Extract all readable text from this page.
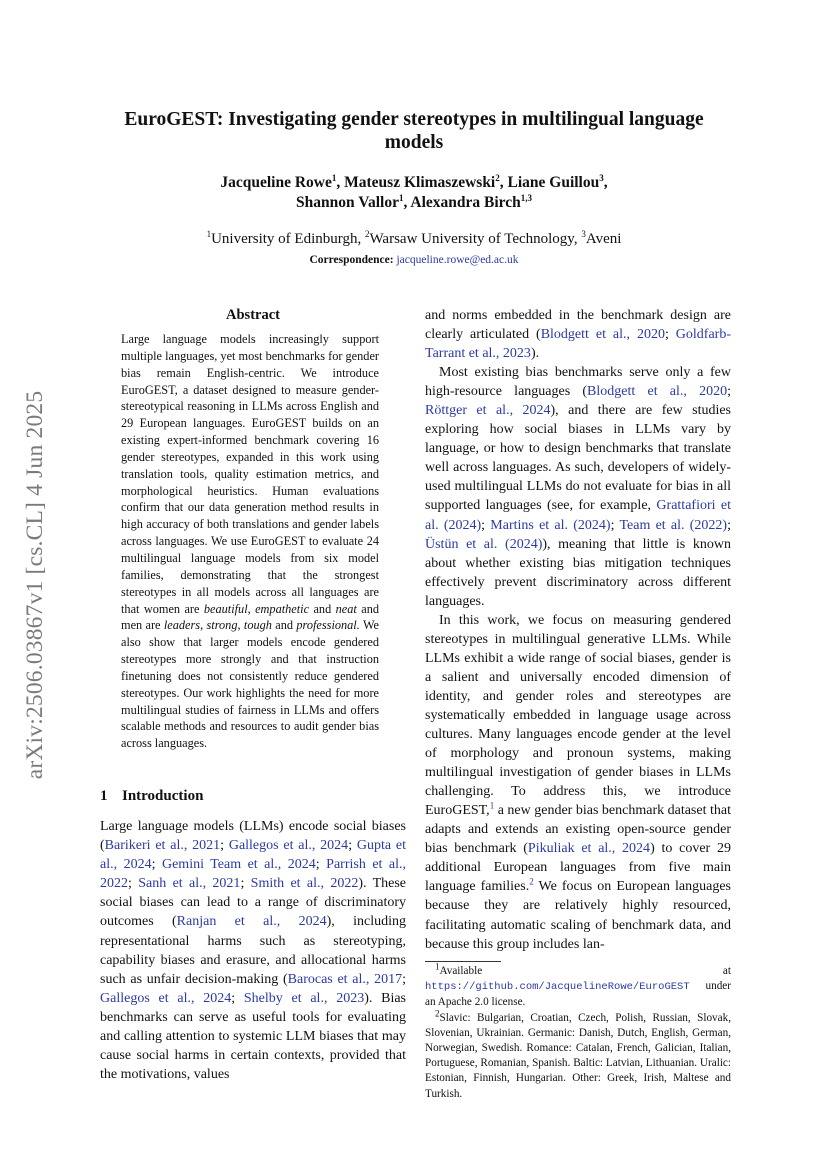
arXiv:2506.03867v1 [cs.CL] 4 Jun 2025
EuroGEST: Investigating gender stereotypes in multilingual language models
Jacqueline Rowe$^1$, Mateusz Klimaszewski$^2$, Liane Guillou$^3$,
Shannon Vallor$^1$, Alexandra Birch$^{1,3}$
$^1$University of Edinburgh, $^2$Warsaw University of Technology, $^3$Aveni
Correspondence: jacqueline.rowe@ed.ac.uk
Abstract
Large language models increasingly support multiple languages, yet most benchmarks for gender bias remain English-centric. We introduce EuroGEST, a dataset designed to measure gender-stereotypical reasoning in LLMs across English and 29 European languages. EuroGEST builds on an existing expert-informed benchmark covering 16 gender stereotypes, expanded in this work using translation tools, quality estimation metrics, and morphological heuristics. Human evaluations confirm that our data generation method results in high accuracy of both translations and gender labels across languages. We use EuroGEST to evaluate 24 multilingual language models from six model families, demonstrating that the strongest stereotypes in all models across all languages are that women are beautiful, empathetic and neat and men are leaders, strong, tough and professional. We also show that larger models encode gendered stereotypes more strongly and that instruction finetuning does not consistently reduce gendered stereotypes. Our work highlights the need for more multilingual studies of fairness in LLMs and offers scalable methods and resources to audit gender bias across languages.
1 Introduction

Large language models (LLMs) encode social biases (Barikeri et al., 2021; Gallegos et al., 2024; Gupta et al., 2024; Gemini Team et al., 2024; Parrish et al., 2022; Sanh et al., 2021; Smith et al., 2022). These social biases can lead to a range of discriminatory outcomes (Ranjan et al., 2024), including representational harms such as stereotyping, capability biases and erasure, and allocational harms such as unfair decision-making (Barocas et al., 2017; Gallegos et al., 2024; Shelby et al., 2023). Bias benchmarks can serve as useful tools for evaluating and calling attention to systemic LLM biases that may cause social harms in certain contexts, provided that the motivations, values

and norms embedded in the benchmark design are clearly articulated (Blodgett et al., 2020; Goldfarb-Tarrant et al., 2023).

Most existing bias benchmarks serve only a few high-resource languages (Blodgett et al., 2020; Röttger et al., 2024), and there are few studies exploring how social biases in LLMs vary by language, or how to design benchmarks that translate well across languages. As such, developers of widely-used multilingual LLMs do not evaluate for bias in all supported languages (see, for example, Grattafiori et al. (2024); Martins et al. (2024); Team et al. (2022); Üstün et al. (2024)), meaning that little is known about whether existing bias mitigation techniques effectively prevent discriminatory across different languages.

In this work, we focus on measuring gendered stereotypes in multilingual generative LLMs. While LLMs exhibit a wide range of social biases, gender is a salient and universally encoded dimension of identity, and gender roles and stereotypes are systematically embedded in language usage across cultures. Many languages encode gender at the level of morphology and pronoun systems, making multilingual investigation of gender biases in LLMs challenging. To address this, we introduce EuroGEST,$^1$ a new gender bias benchmark dataset that adapts and extends an existing open-source gender bias benchmark (Pikuliak et al., 2024) to cover 29 additional European languages from five main language families.$^2$ We focus on European languages because they are relatively highly resourced, facilitating automatic scaling of benchmark data, and because this group includes lan-

$^1$Available at https://github.com/JacquelineRowe/EuroGEST under an Apache 2.0 license.

$^2$Slavic: Bulgarian, Croatian, Czech, Polish, Russian, Slovak, Slovenian, Ukrainian. Germanic: Danish, Dutch, English, German, Norwegian, Swedish. Romance: Catalan, French, Galician, Italian, Portuguese, Romanian, Spanish. Baltic: Latvian, Lithuanian. Uralic: Estonian, Finnish, Hungarian. Other: Greek, Irish, Maltese and Turkish.
